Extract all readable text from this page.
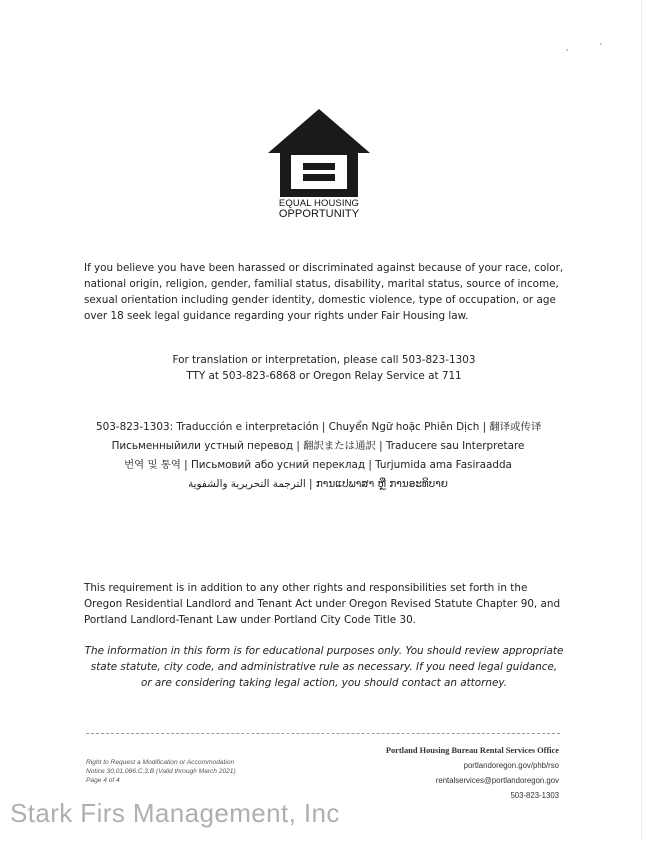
EQUAL HOUSING
OPPORTUNITY
If you believe you have been harassed or discriminated against because of your race, color, national origin, religion, gender, familial status, disability, marital status, source of income, sexual orientation including gender identity, domestic violence, type of occupation, or age over 18 seek legal guidance regarding your rights under Fair Housing law.
For translation or interpretation, please call 503-823-1303
TTY at 503-823-6868 or Oregon Relay Service at 711
503-823-1303: Traducción e interpretación | Chuyển Ngữ hoặc Phiên Dịch | 翻译或传译
Письменныйили устный перевод | 翻訳または通訳 | Traducere sau Interpretare
번역 및 통역 | Письмовий або усний переклад | Turjumida ama Fasiraadda
الترجمة التحريرية والشفوية | ການແປພາສາ ຫຼື ການອະທິບາຍ
This requirement is in addition to any other rights and responsibilities set forth in the Oregon Residential Landlord and Tenant Act under Oregon Revised Statute Chapter 90, and Portland Landlord-Tenant Law under Portland City Code Title 30.
The information in this form is for educational purposes only. You should review appropriate state statute, city code, and administrative rule as necessary. If you need legal guidance, or are considering taking legal action, you should contact an attorney.
Right to Request a Modification or Accommodation
Notice 30.01.086.C.3.B (Valid through March 2021)
Page 4 of 4
Portland Housing Bureau Rental Services Office
portlandoregon.gov/phb/rso
rentalservices@portlandoregon.gov
503-823-1303
Stark Firs Management, Inc
